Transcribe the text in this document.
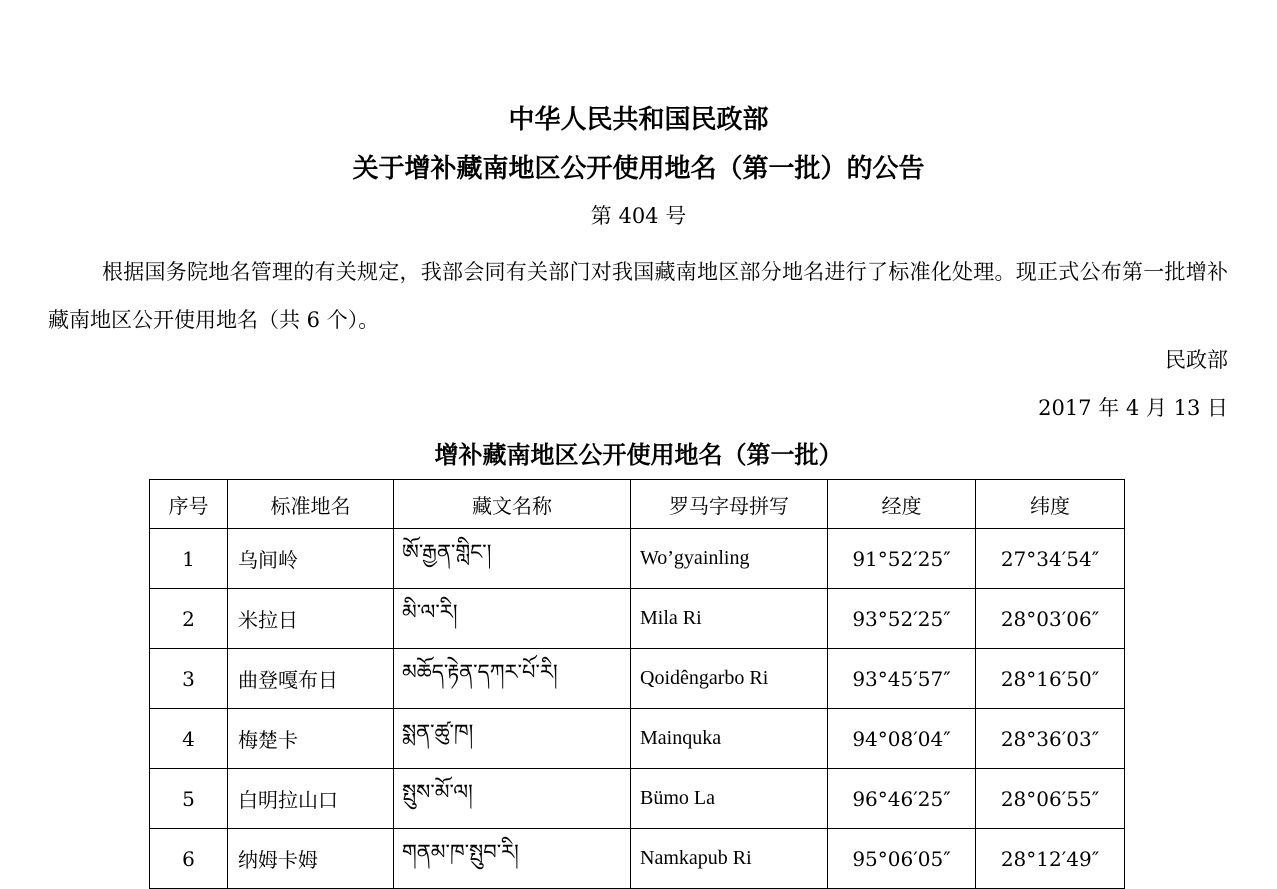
中华人民共和国民政部
关于增补藏南地区公开使用地名（第一批）的公告
第 404 号

根据国务院地名管理的有关规定，我部会同有关部门对我国藏南地区部分地名进行了标准化处理。现正式公布第一批增补藏南地区公开使用地名（共 6 个）。

民政部
2017 年 4 月 13 日
增补藏南地区公开使用地名（第一批）
序号	标准地名	藏文名称	罗马字母拼写	经度	纬度
1	乌间岭	ཨོ་རྒྱན་གླིང་།	Wo’gyainling	91°52′25″	27°34′54″
2	米拉日	མི་ལ་རི།	Mila Ri	93°52′25″	28°03′06″
3	曲登嘎布日	མཆོད་རྟེན་དཀར་པོ་རི།	Qoidêngarbo Ri	93°45′57″	28°16′50″
4	梅楚卡	སྨན་ཚུ་ཁ།	Mainquka	94°08′04″	28°36′03″
5	白明拉山口	སྤུས་མོ་ལ།	Bümo La	96°46′25″	28°06′55″
6	纳姆卡姆	གནམ་ཁ་སྤུབ་རི།	Namkapub Ri	95°06′05″	28°12′49″
